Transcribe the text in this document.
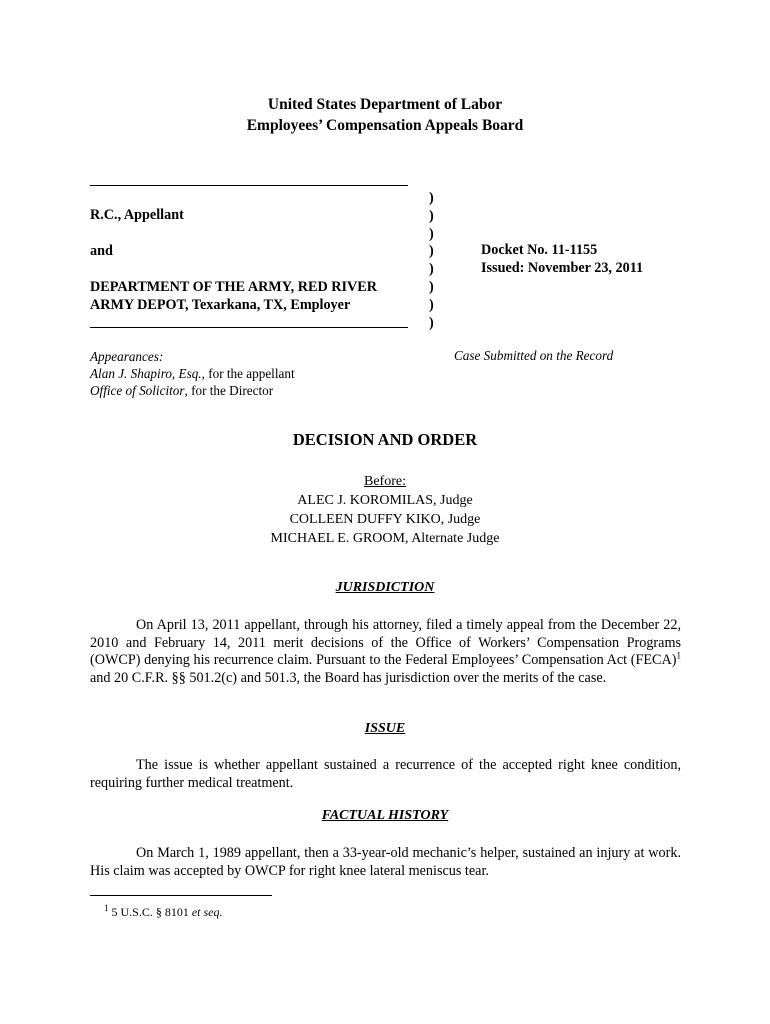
United States Department of Labor
Employees’ Compensation Appeals Board
R.C., Appellant
and
DEPARTMENT OF THE ARMY, RED RIVER
ARMY DEPOT, Texarkana, TX, Employer
)
)
)
)
)
)
)
)
Docket No. 11-1155
Issued: November 23, 2011
Appearances:
Alan J. Shapiro, Esq., for the appellant
Office of Solicitor, for the Director
Case Submitted on the Record
DECISION AND ORDER
Before:
ALEC J. KOROMILAS, Judge
COLLEEN DUFFY KIKO, Judge
MICHAEL E. GROOM, Alternate Judge
JURISDICTION
On April 13, 2011 appellant, through his attorney, filed a timely appeal from the December 22, 2010 and February 14, 2011 merit decisions of the Office of Workers’ Compensation Programs (OWCP) denying his recurrence claim. Pursuant to the Federal Employees’ Compensation Act (FECA)$^1$ and 20 C.F.R. §§ 501.2(c) and 501.3, the Board has jurisdiction over the merits of the case.
ISSUE
The issue is whether appellant sustained a recurrence of the accepted right knee condition, requiring further medical treatment.
FACTUAL HISTORY
On March 1, 1989 appellant, then a 33-year-old mechanic’s helper, sustained an injury at work. His claim was accepted by OWCP for right knee lateral meniscus tear.
$^1$ 5 U.S.C. § 8101 et seq.
